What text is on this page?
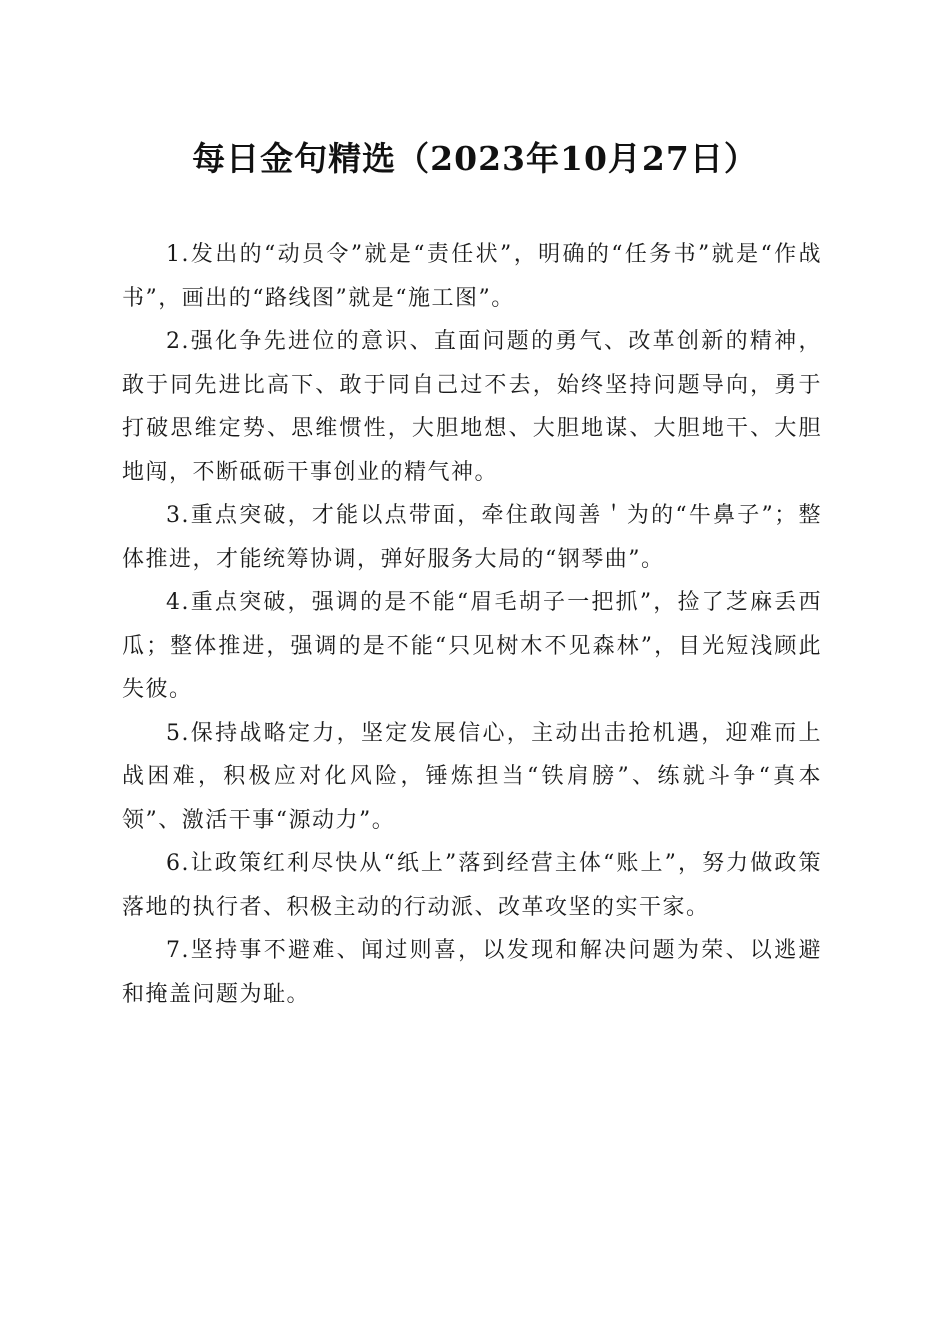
每日金句精选（2023年10月27日）

1.发出的“动员令”就是“责任状”，明确的“任务书”就是“作战书”，画出的“路线图”就是“施工图”。

2.强化争先进位的意识、直面问题的勇气、改革创新的精神，敢于同先进比高下、敢于同自己过不去，始终坚持问题导向，勇于打破思维定势、思维惯性，大胆地想、大胆地谋、大胆地干、大胆地闯，不断砥砺干事创业的精气神。

3.重点突破，才能以点带面，牵住敢闯善＇为的“牛鼻子”；整体推进，才能统筹协调，弹好服务大局的“钢琴曲”。

4.重点突破，强调的是不能“眉毛胡子一把抓”，捡了芝麻丢西瓜；整体推进，强调的是不能“只见树木不见森林”，目光短浅顾此失彼。

5.保持战略定力，坚定发展信心，主动出击抢机遇，迎难而上战困难，积极应对化风险，锤炼担当“铁肩膀”、练就斗争“真本领”、激活干事“源动力”。

6.让政策红利尽快从“纸上”落到经营主体“账上”，努力做政策落地的执行者、积极主动的行动派、改革攻坚的实干家。

7.坚持事不避难、闻过则喜，以发现和解决问题为荣、以逃避和掩盖问题为耻。
